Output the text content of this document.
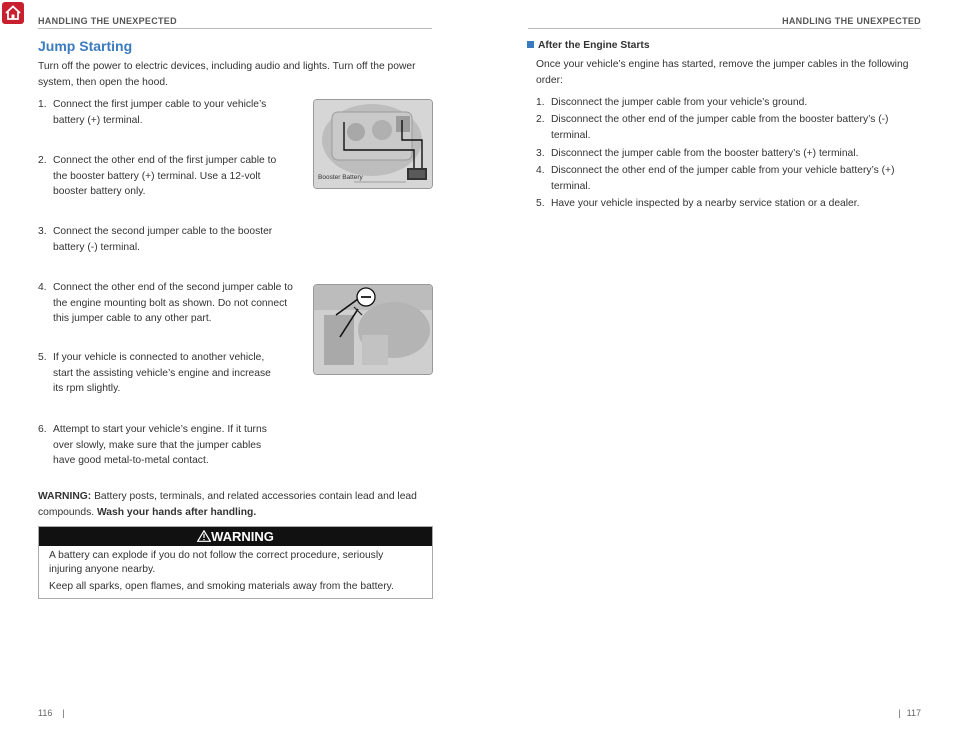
HANDLING THE UNEXPECTED	HANDLING THE UNEXPECTED
Jump Starting
Turn off the power to electric devices, including audio and lights. Turn off the power system, then open the hood.
1. Connect the first jumper cable to your vehicle’s battery (+) terminal.
2. Connect the other end of the first jumper cable to the booster battery (+) terminal. Use a 12-volt booster battery only.
3. Connect the second jumper cable to the booster battery (-) terminal.
4. Connect the other end of the second jumper cable to the engine mounting bolt as shown. Do not connect this jumper cable to any other part.
5. If your vehicle is connected to another vehicle, start the assisting vehicle’s engine and increase its rpm slightly.
6. Attempt to start your vehicle’s engine. If it turns over slowly, make sure that the jumper cables have good metal-to-metal contact.
Booster Battery
WARNING: Battery posts, terminals, and related accessories contain lead and lead compounds. Wash your hands after handling.
WARNING
A battery can explode if you do not follow the correct procedure, seriously injuring anyone nearby.
Keep all sparks, open flames, and smoking materials away from the battery.
After the Engine Starts
Once your vehicle’s engine has started, remove the jumper cables in the following order:
1. Disconnect the jumper cable from your vehicle’s ground.
2. Disconnect the other end of the jumper cable from the booster battery’s (-) terminal.
3. Disconnect the jumper cable from the booster battery’s (+) terminal.
4. Disconnect the other end of the jumper cable from your vehicle battery’s (+) terminal.
5. Have your vehicle inspected by a nearby service station or a dealer.
116 |	| 117
